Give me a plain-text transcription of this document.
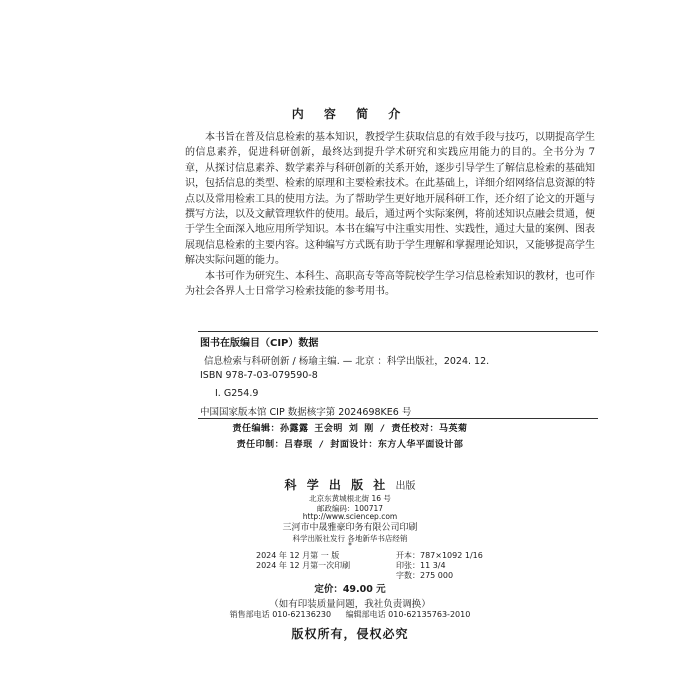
内 容 简 介

本书旨在普及信息检索的基本知识，教授学生获取信息的有效手段与技巧，以期提高学生的信息素养，促进科研创新，最终达到提升学术研究和实践应用能力的目的。全书分为 7 章，从探讨信息素养、数学素养与科研创新的关系开始，逐步引导学生了解信息检索的基础知识，包括信息的类型、检索的原理和主要检索技术。在此基础上，详细介绍网络信息资源的特点以及常用检索工具的使用方法。为了帮助学生更好地开展科研工作，还介绍了论文的开题与撰写方法，以及文献管理软件的使用。最后，通过两个实际案例，将前述知识点融会贯通，便于学生全面深入地应用所学知识。本书在编写中注重实用性、实践性，通过大量的案例、图表展现信息检索的主要内容。这种编写方式既有助于学生理解和掌握理论知识，又能够提高学生解决实际问题的能力。

本书可作为研究生、本科生、高职高专等高等院校学生学习信息检索知识的教材，也可作为社会各界人士日常学习检索技能的参考用书。

图书在版编目（CIP）数据
信息检索与科研创新 / 杨瑜主编. — 北京 ：科学出版社，2024. 12.
ISBN 978-7-03-079590-8
I. G254.9
中国国家版本馆 CIP 数据核字第 2024698KE6 号
责任编辑：孙露露 王会明 刘 刚 / 责任校对：马英菊
责任印制：吕春珉 / 封面设计：东方人华平面设计部
科 学 出 版 社 出版
北京东黄城根北街 16 号
邮政编码：100717
http://www.sciencep.com
三河市中晟雅豪印务有限公司印刷
科学出版社发行 各地新华书店经销
*
2024 年 12 月第 一 版	开本：787×1092 1/16
2024 年 12 月第一次印刷	印张：11 3/4
字数：275 000
定价：49.00 元
（如有印装质量问题，我社负责调换）
销售部电话 010-62136230 编辑部电话 010-62135763-2010
版权所有，侵权必究
